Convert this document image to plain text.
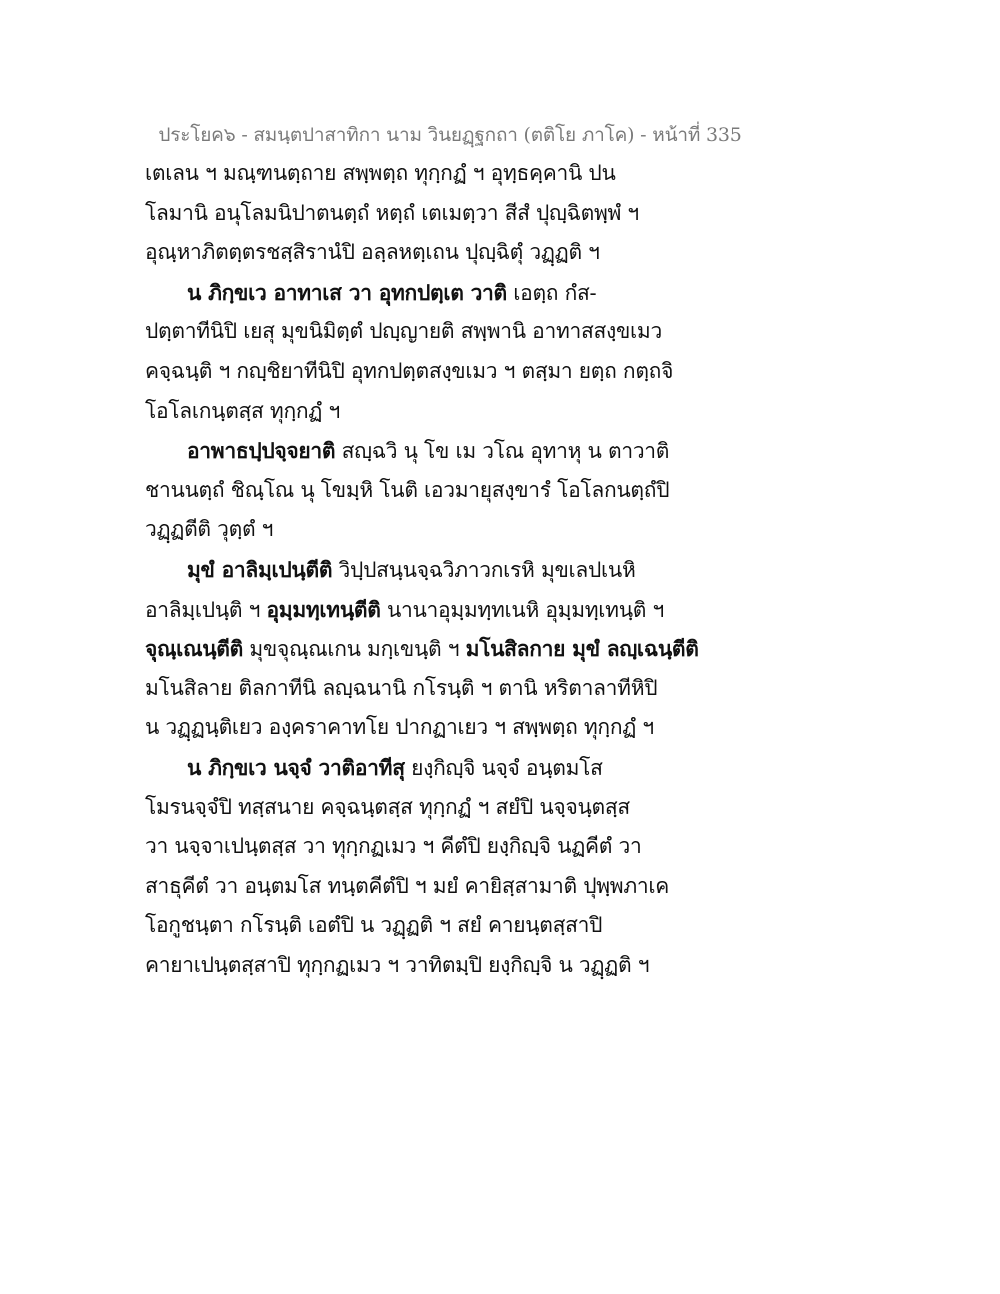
ประโยค๖ - สมนฺตปาสาทิกา นาม วินยฏฺฐกถา (ตติโย ภาโค) - หน้าที่ 335
เตเลน ฯ มณฺฑนตฺถาย สพฺพตฺถ ทุกฺกฏํ ฯ อุทฺธคฺคานิ ปน
โลมานิ อนุโลมนิปาตนตฺถํ หตฺถํ เตเมตฺวา สีสํ ปุญฺฉิตพฺพํ ฯ
อุณฺหาภิตตฺตรชสฺสิรานํปิ อลฺลหตฺเถน ปุญฺฉิตุํ วฏฺฏติ ฯ
น ภิกฺขเว อาทาเส วา อุทกปตฺเต วาติ เอตฺถ กํส-
ปตฺตาทีนิปิ เยสุ มุขนิมิตฺตํ ปญฺญายติ สพฺพานิ อาทาสสงฺขเมว
คจฺฉนฺติ ฯ กญฺชิยาทีนิปิ อุทกปตฺตสงฺขเมว ฯ ตสฺมา ยตฺถ กตฺถจิ
โอโลเกนฺตสฺส ทุกฺกฏํ ฯ
อาพาธปฺปจฺจยาติ สญฺฉวิ นุ โข เม วโณ อุทาหุ น ตาวาติ
ชานนตฺถํ ชิณฺโณ นุ โขมฺหิ โนติ เอวมายุสงฺขารํ โอโลกนตฺถํปิ
วฏฺฏตีติ วุตฺตํ ฯ
มุขํ อาลิมฺเปนฺตีติ วิปฺปสนฺนจฺฉวิภาวกเรหิ มุขเลปเนหิ
อาลิมฺเปนฺติ ฯ อุมฺมทฺเทนฺตีติ นานาอุมฺมทฺทเนหิ อุมฺมทฺเทนฺติ ฯ
จุณฺเณนฺตีติ มุขจุณฺณเกน มกฺเขนฺติ ฯ มโนสิลกาย มุขํ ลญฺเฉนฺตีติ
มโนสิลาย ติลกาทีนิ ลญฺฉนานิ กโรนฺติ ฯ ตานิ หริตาลาทีหิปิ
น วฏฺฏนฺติเยว องฺคราคาทโย ปากฏาเยว ฯ สพฺพตฺถ ทุกฺกฏํ ฯ
น ภิกฺขเว นจฺจํ วาติอาทีสุ ยงฺกิญฺจิ นจฺจํ อนฺตมโส
โมรนจฺจํปิ ทสฺสนาย คจฺฉนฺตสฺส ทุกฺกฏํ ฯ สยํปิ นจฺจนฺตสฺส
วา นจฺจาเปนฺตสฺส วา ทุกฺกฏเมว ฯ คีตํปิ ยงฺกิญฺจิ นฏคีตํ วา
สาธุคีตํ วา อนฺตมโส ทนฺตคีตํปิ ฯ มยํ คายิสฺสามาติ ปุพฺพภาเค
โอกูชนฺตา กโรนฺติ เอตํปิ น วฏฺฏติ ฯ สยํ คายนฺตสฺสาปิ
คายาเปนฺตสฺสาปิ ทุกฺกฏเมว ฯ วาทิตมฺปิ ยงฺกิญฺจิ น วฏฺฏติ ฯ
